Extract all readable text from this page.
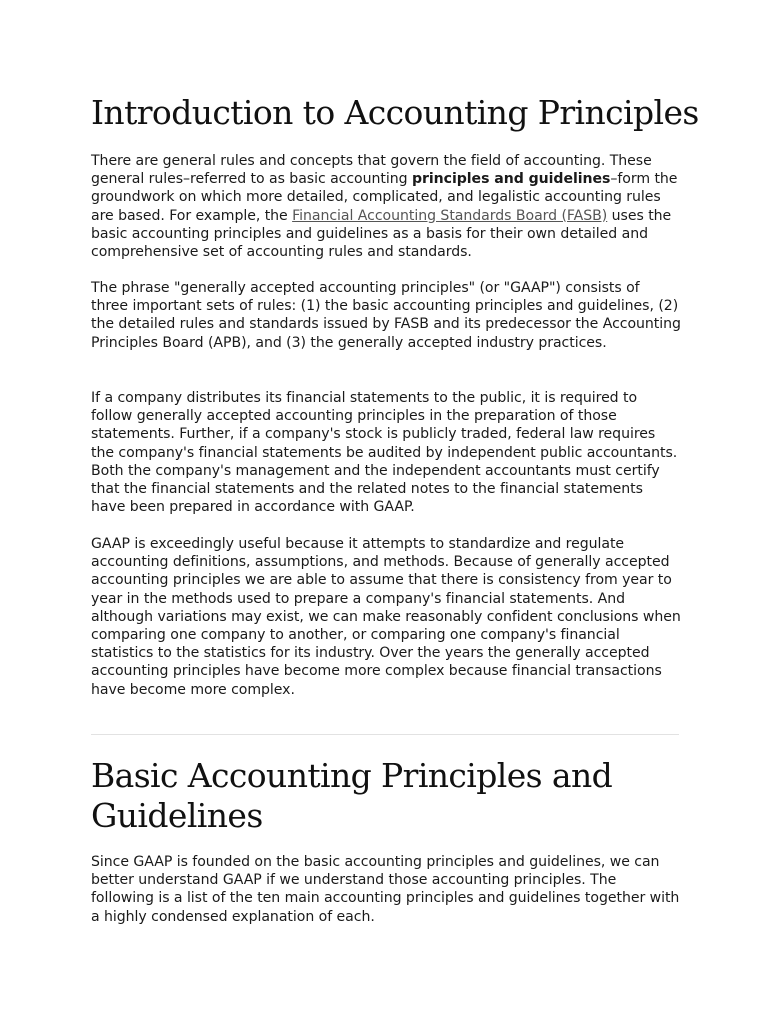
Introduction to Accounting Principles

There are general rules and concepts that govern the field of accounting. These general rules–referred to as basic accounting principles and guidelines–form the groundwork on which more detailed, complicated, and legalistic accounting rules are based. For example, the Financial Accounting Standards Board (FASB) uses the basic accounting principles and guidelines as a basis for their own detailed and comprehensive set of accounting rules and standards.

The phrase "generally accepted accounting principles" (or "GAAP") consists of three important sets of rules: (1) the basic accounting principles and guidelines, (2) the detailed rules and standards issued by FASB and its predecessor the Accounting Principles Board (APB), and (3) the generally accepted industry practices.

If a company distributes its financial statements to the public, it is required to follow generally accepted accounting principles in the preparation of those statements. Further, if a company's stock is publicly traded, federal law requires the company's financial statements be audited by independent public accountants. Both the company's management and the independent accountants must certify that the financial statements and the related notes to the financial statements have been prepared in accordance with GAAP.

GAAP is exceedingly useful because it attempts to standardize and regulate accounting definitions, assumptions, and methods. Because of generally accepted accounting principles we are able to assume that there is consistency from year to year in the methods used to prepare a company's financial statements. And although variations may exist, we can make reasonably confident conclusions when comparing one company to another, or comparing one company's financial statistics to the statistics for its industry. Over the years the generally accepted accounting principles have become more complex because financial transactions have become more complex.

Basic Accounting Principles and Guidelines

Since GAAP is founded on the basic accounting principles and guidelines, we can better understand GAAP if we understand those accounting principles. The following is a list of the ten main accounting principles and guidelines together with a highly condensed explanation of each.
